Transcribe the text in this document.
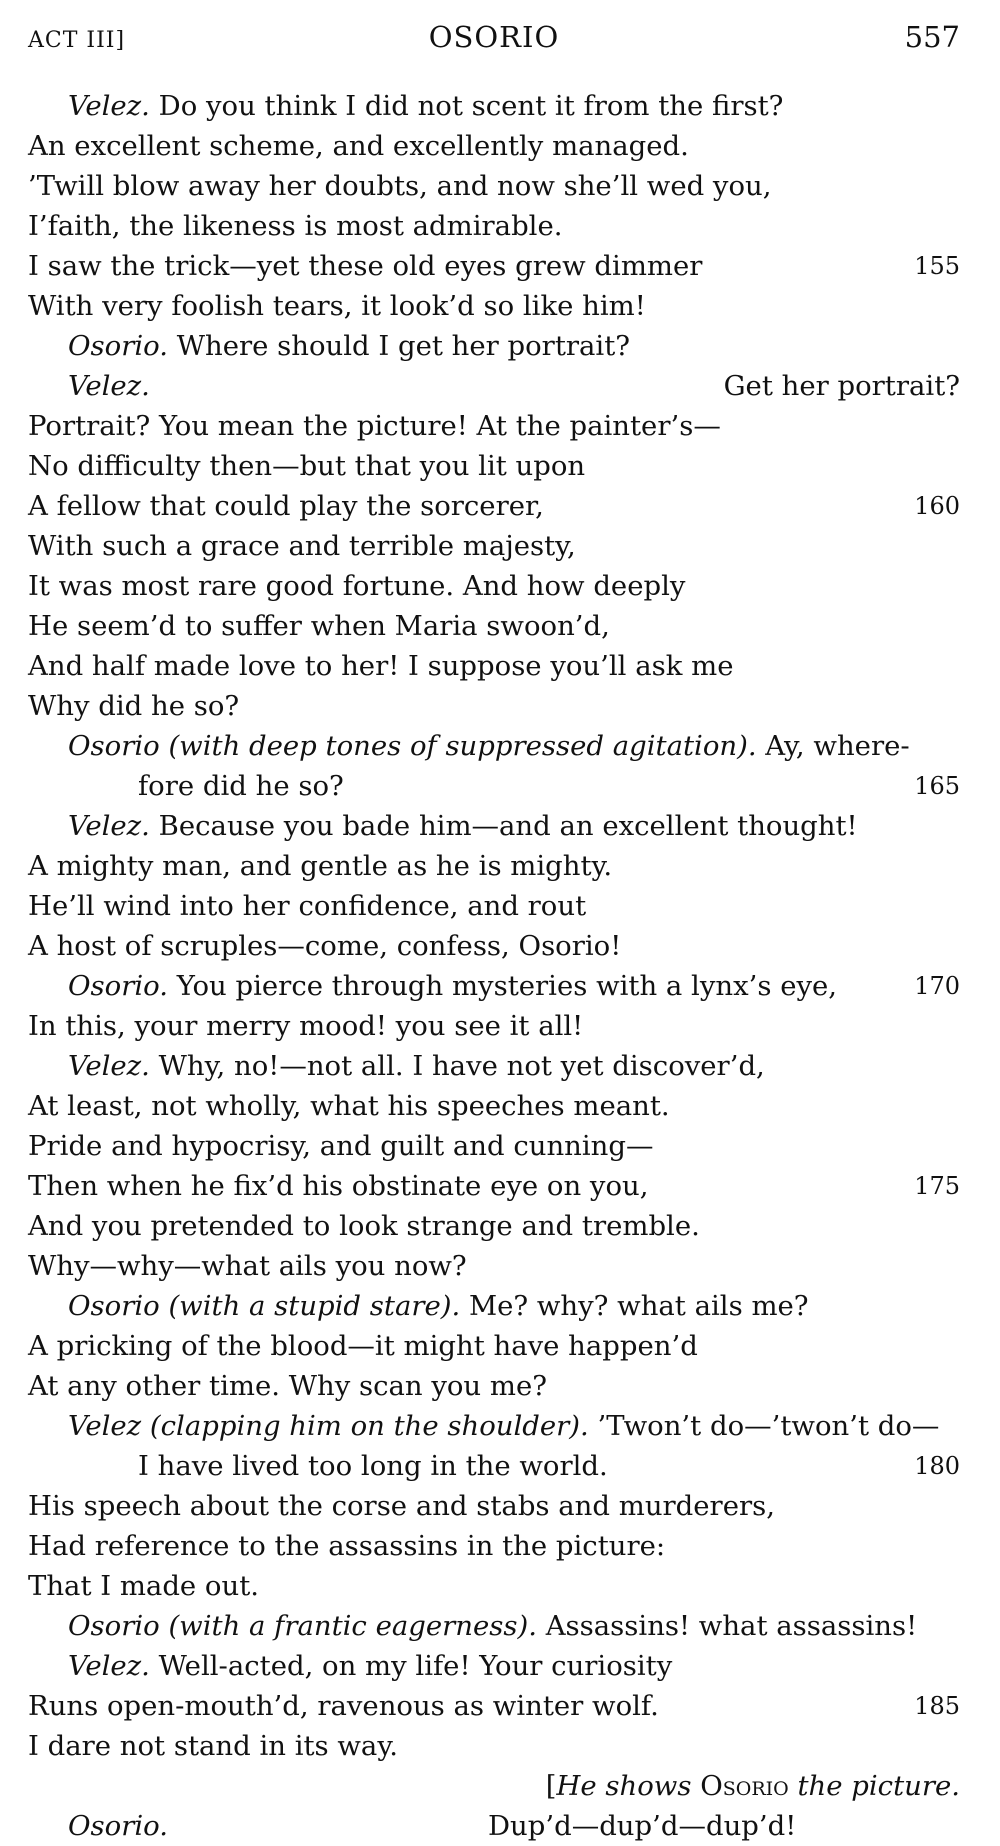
ACT III]	OSORIO	557
Velez. Do you think I did not scent it from the first?
An excellent scheme, and excellently managed.
’Twill blow away her doubts, and now she’ll wed you,
I’faith, the likeness is most admirable.
I saw the trick—yet these old eyes grew dimmer	155
With very foolish tears, it look’d so like him!
Osorio. Where should I get her portrait?
Velez.	Get her portrait?
Portrait? You mean the picture! At the painter’s—
No difficulty then—but that you lit upon
A fellow that could play the sorcerer,	160
With such a grace and terrible majesty,
It was most rare good fortune. And how deeply
He seem’d to suffer when Maria swoon’d,
And half made love to her! I suppose you’ll ask me
Why did he so?
Osorio (with deep tones of suppressed agitation). Ay, where-
fore did he so?	165
Velez. Because you bade him—and an excellent thought!
A mighty man, and gentle as he is mighty.
He’ll wind into her confidence, and rout
A host of scruples—come, confess, Osorio!
Osorio. You pierce through mysteries with a lynx’s eye,	170
In this, your merry mood! you see it all!
Velez. Why, no!—not all. I have not yet discover’d,
At least, not wholly, what his speeches meant.
Pride and hypocrisy, and guilt and cunning—
Then when he fix’d his obstinate eye on you,	175
And you pretended to look strange and tremble.
Why—why—what ails you now?
Osorio (with a stupid stare). Me? why? what ails me?
A pricking of the blood—it might have happen’d
At any other time. Why scan you me?
Velez (clapping him on the shoulder). ’Twon’t do—’twon’t do—
I have lived too long in the world.	180
His speech about the corse and stabs and murderers,
Had reference to the assassins in the picture:
That I made out.
Osorio (with a frantic eagerness). Assassins! what assassins!
Velez. Well-acted, on my life! Your curiosity
Runs open-mouth’d, ravenous as winter wolf.	185
I dare not stand in its way.
[He shows Osorio the picture.
Osorio.	Dup’d—dup’d—dup’d!
